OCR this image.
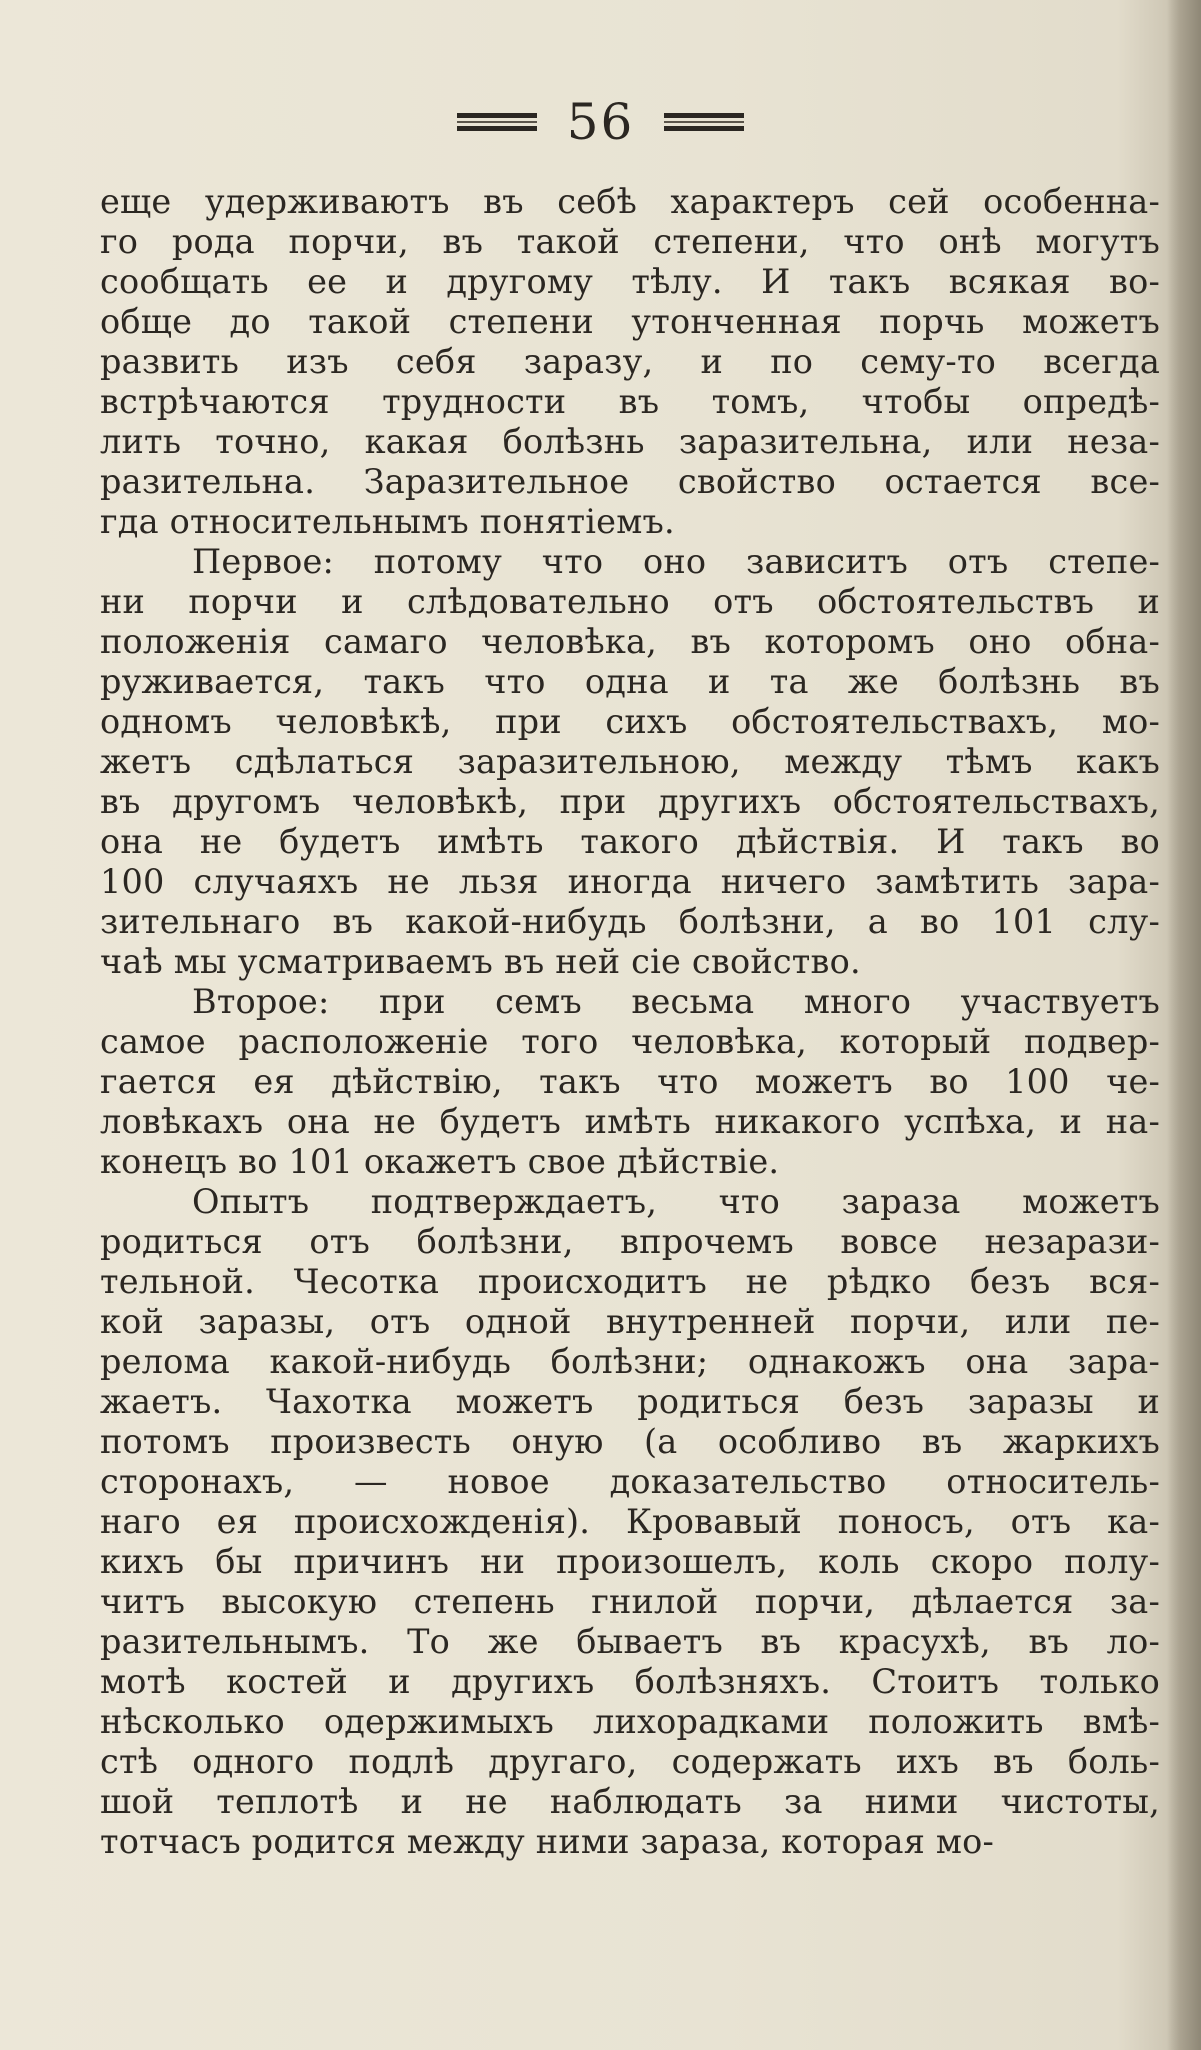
56
еще удерживаютъ въ себѣ характеръ сей особенна-
го рода порчи, въ такой степени, что онѣ могутъ
сообщать ее и другому тѣлу. И такъ всякая во-
обще до такой степени утонченная порчь можетъ
развить изъ себя заразу, и по сему-то всегда
встрѣчаются трудности въ томъ, чтобы опредѣ-
лить точно, какая болѣзнь заразительна, или неза-
разительна. Заразительное свойство остается все-
гда относительнымъ понятіемъ.
Первое: потому что оно зависитъ отъ степе-
ни порчи и слѣдовательно отъ обстоятельствъ и
положенія самаго человѣка, въ которомъ оно обна-
руживается, такъ что одна и та же болѣзнь въ
одномъ человѣкѣ, при сихъ обстоятельствахъ, мо-
жетъ сдѣлаться заразительною, между тѣмъ какъ
въ другомъ человѣкѣ, при другихъ обстоятельствахъ,
она не будетъ имѣть такого дѣйствія. И такъ во
100 случаяхъ не льзя иногда ничего замѣтить зара-
зительнаго въ какой-нибудь болѣзни, а во 101 слу-
чаѣ мы усматриваемъ въ ней сіе свойство.
Второе: при семъ весьма много участвуетъ
самое расположеніе того человѣка, который подвер-
гается ея дѣйствію, такъ что можетъ во 100 че-
ловѣкахъ она не будетъ имѣть никакого успѣха, и на-
конецъ во 101 окажетъ свое дѣйствіе.
Опытъ подтверждаетъ, что зараза можетъ
родиться отъ болѣзни, впрочемъ вовсе незарази-
тельной. Чесотка происходитъ не рѣдко безъ вся-
кой заразы, отъ одной внутренней порчи, или пе-
релома какой-нибудь болѣзни; однакожъ она зара-
жаетъ. Чахотка можетъ родиться безъ заразы и
потомъ произвесть оную (а особливо въ жаркихъ
сторонахъ, — новое доказательство относитель-
наго ея происхожденія). Кровавый поносъ, отъ ка-
кихъ бы причинъ ни произошелъ, коль скоро полу-
читъ высокую степень гнилой порчи, дѣлается за-
разительнымъ. То же бываетъ въ красухѣ, въ ло-
мотѣ костей и другихъ болѣзняхъ. Стоитъ только
нѣсколько одержимыхъ лихорадками положить вмѣ-
стѣ одного подлѣ другаго, содержать ихъ въ боль-
шой теплотѣ и не наблюдать за ними чистоты,
тотчасъ родится между ними зараза, которая мо-
